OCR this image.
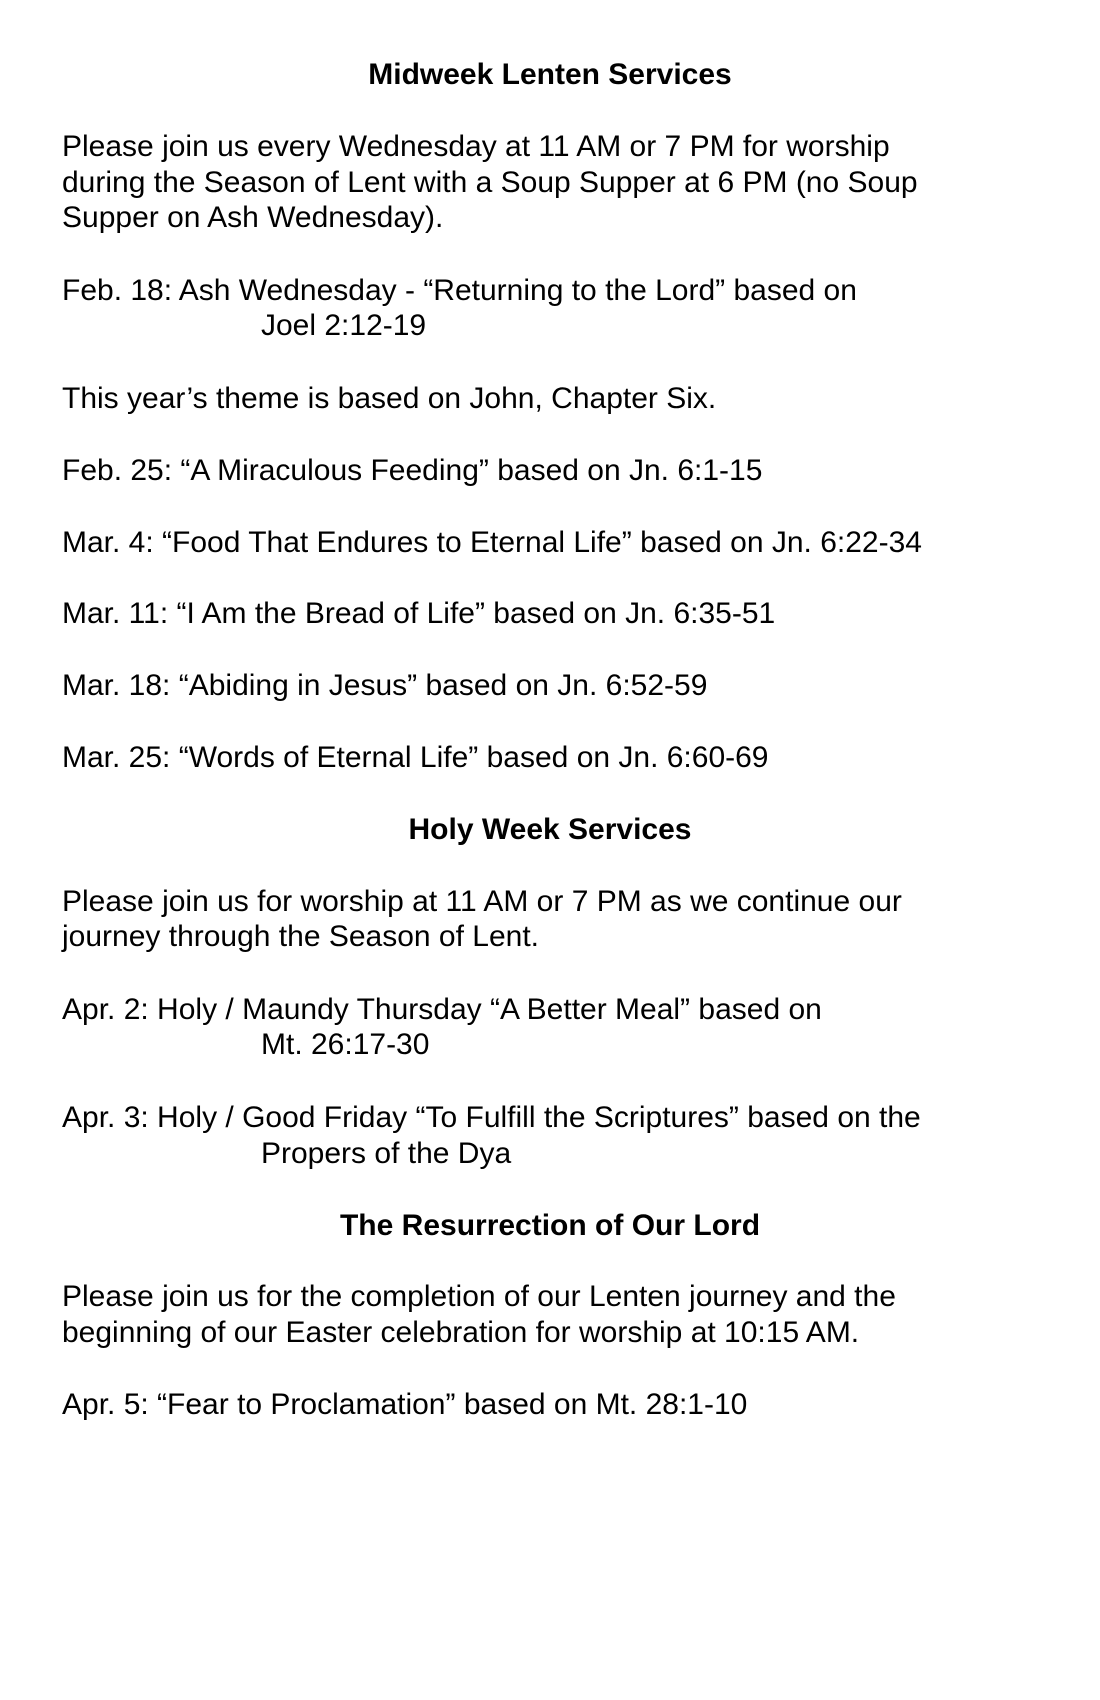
Midweek Lenten Services
Please join us every Wednesday at 11 AM or 7 PM for worship
during the Season of Lent with a Soup Supper at 6 PM (no Soup
Supper on Ash Wednesday).
Feb. 18: Ash Wednesday - “Returning to the Lord” based on
Joel 2:12-19
This year’s theme is based on John, Chapter Six.
Feb. 25: “A Miraculous Feeding” based on Jn. 6:1-15
Mar. 4: “Food That Endures to Eternal Life” based on Jn. 6:22-34
Mar. 11: “I Am the Bread of Life” based on Jn. 6:35-51
Mar. 18: “Abiding in Jesus” based on Jn. 6:52-59
Mar. 25: “Words of Eternal Life” based on Jn. 6:60-69
Holy Week Services
Please join us for worship at 11 AM or 7 PM as we continue our
journey through the Season of Lent.
Apr. 2: Holy / Maundy Thursday “A Better Meal” based on
Mt. 26:17-30
Apr. 3: Holy / Good Friday “To Fulfill the Scriptures” based on the
Propers of the Dya
The Resurrection of Our Lord
Please join us for the completion of our Lenten journey and the
beginning of our Easter celebration for worship at 10:15 AM.
Apr. 5: “Fear to Proclamation” based on Mt. 28:1-10
